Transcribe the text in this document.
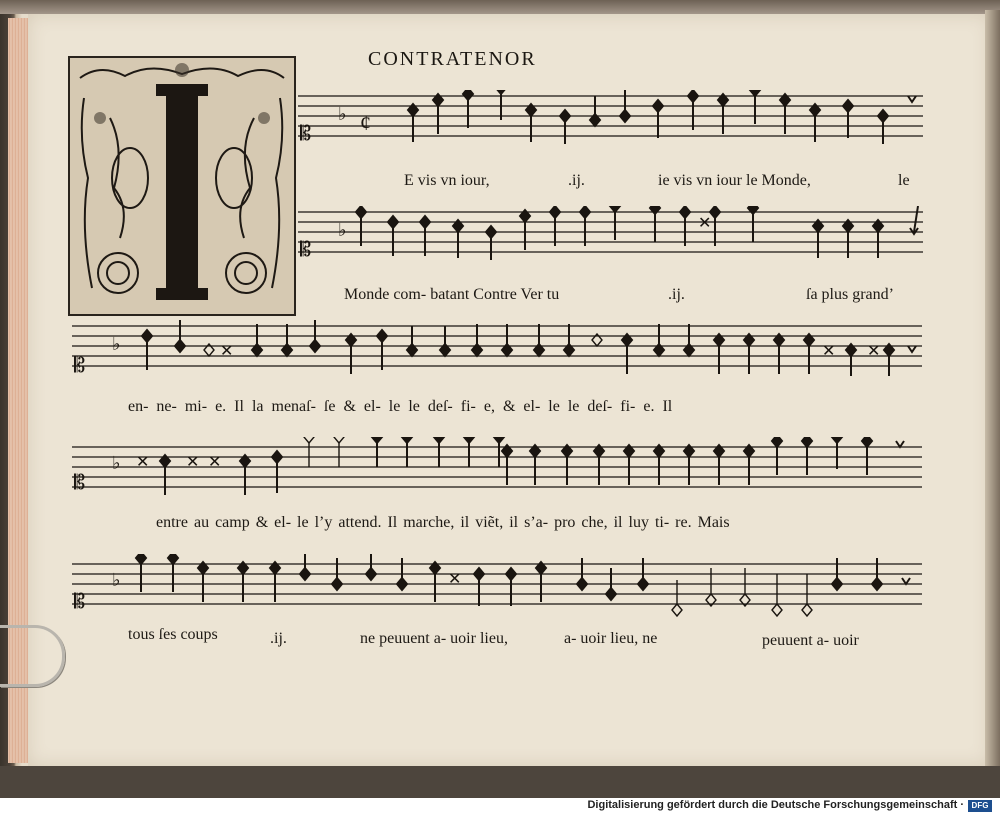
CONTRATENOR
𝄡
♭ ¢
E vis vn iour,	.ij.	ie vis vn iour le Monde,	le
𝄡
♭	✕
Monde com- batant Contre Ver tu	.ij.	ſa plus grand’
𝄡
♭	✕	✕ ✕
en- ne- mi- e. Il la menaſ- ſe & el- le le deſ- fi- e, & el- le le deſ- fi- e. Il
𝄡
♭ ✕ ✕ ✕
entre au camp & el- le l’y attend. Il marche, il viẽt, il s’a- pro che, il luy ti- re. Mais
𝄡
♭	✕
tous ſes coups	.ij.	ne peuuent a- uoir lieu,	a- uoir lieu, ne	peuuent a- uoir
Digitalisierung gefördert durch die Deutsche Forschungsgemeinschaft · DFG
